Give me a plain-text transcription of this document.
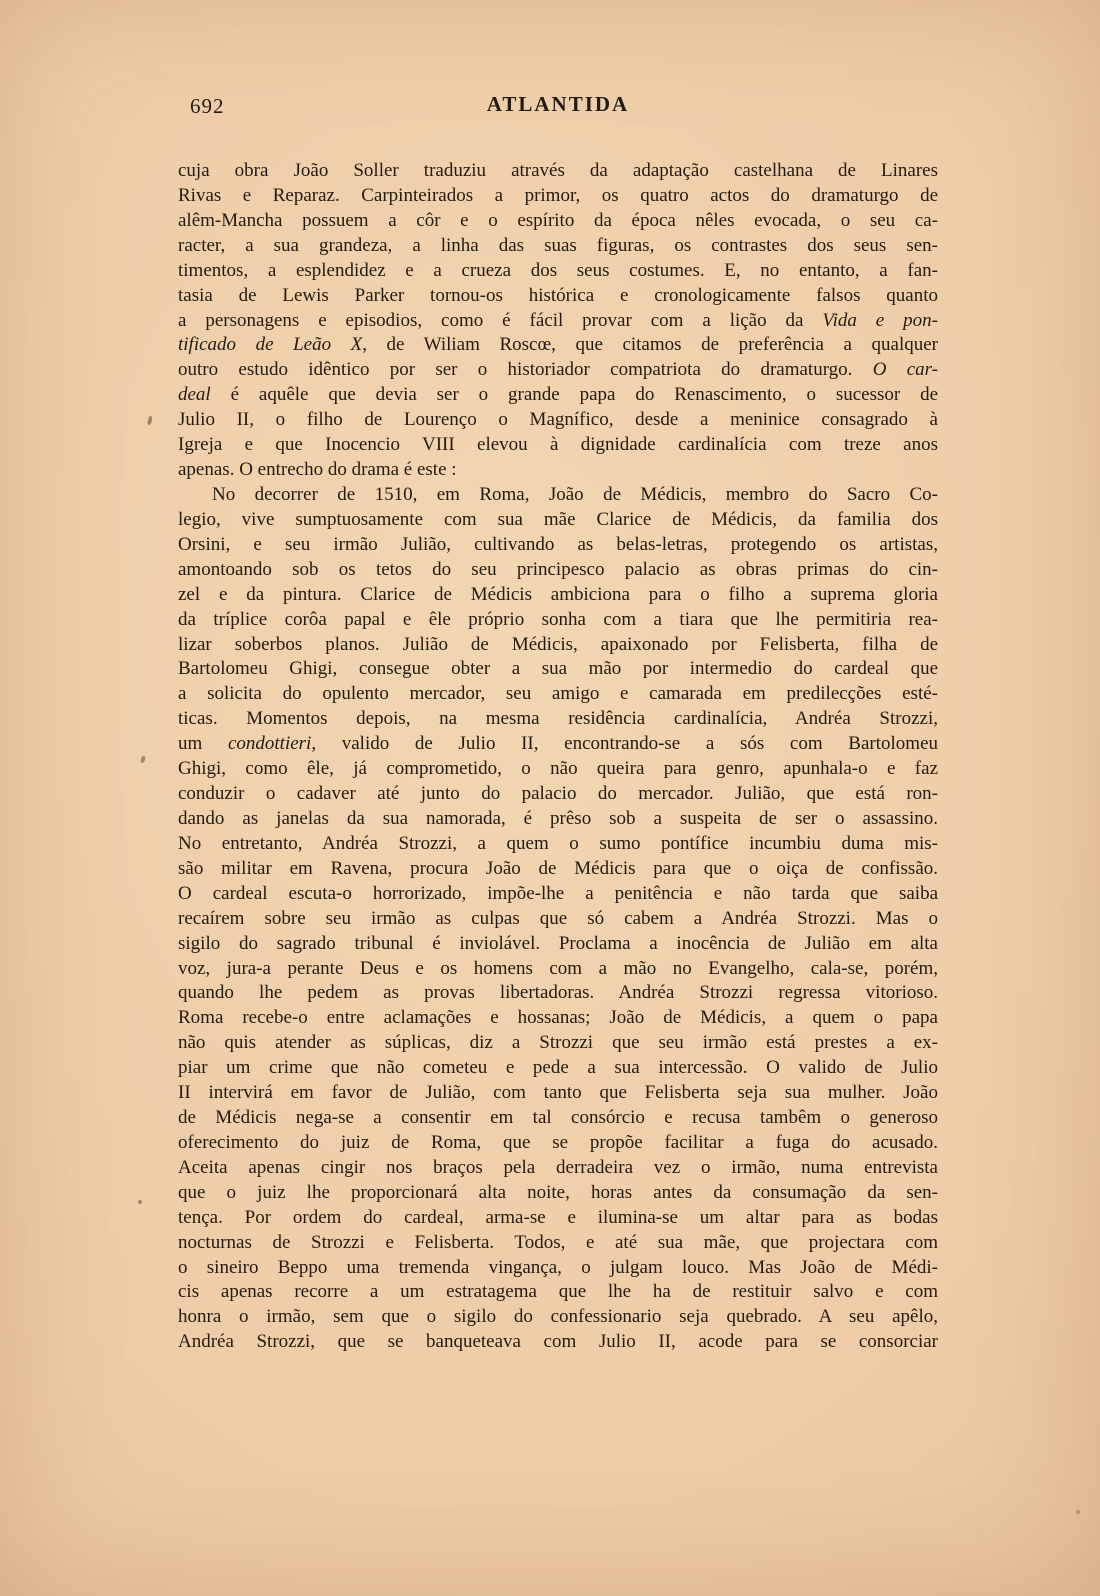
692	ATLANTIDA
cuja obra João Soller traduziu através da adaptação castelhana de Linares
Rivas e Reparaz. Carpinteirados a primor, os quatro actos do dramaturgo de
alêm-Mancha possuem a côr e o espírito da época nêles evocada, o seu ca-
racter, a sua grandeza, a linha das suas figuras, os contrastes dos seus sen-
timentos, a esplendidez e a crueza dos seus costumes. E, no entanto, a fan-
tasia de Lewis Parker tornou-os histórica e cronologicamente falsos quanto
a personagens e episodios, como é fácil provar com a lição da Vida e pon-
tificado de Leão X, de Wiliam Roscœ, que citamos de preferência a qualquer
outro estudo idêntico por ser o historiador compatriota do dramaturgo. O car-
deal é aquêle que devia ser o grande papa do Renascimento, o sucessor de
Julio II, o filho de Lourenço o Magnífico, desde a meninice consagrado à
Igreja e que Inocencio VIII elevou à dignidade cardinalícia com treze anos
apenas. O entrecho do drama é este :
No decorrer de 1510, em Roma, João de Médicis, membro do Sacro Co-
legio, vive sumptuosamente com sua mãe Clarice de Médicis, da familia dos
Orsini, e seu irmão Julião, cultivando as belas-letras, protegendo os artistas,
amontoando sob os tetos do seu principesco palacio as obras primas do cin-
zel e da pintura. Clarice de Médicis ambiciona para o filho a suprema gloria
da tríplice corôa papal e êle próprio sonha com a tiara que lhe permitiria rea-
lizar soberbos planos. Julião de Médicis, apaixonado por Felisberta, filha de
Bartolomeu Ghigi, consegue obter a sua mão por intermedio do cardeal que
a solicita do opulento mercador, seu amigo e camarada em predilecções esté-
ticas. Momentos depois, na mesma residência cardinalícia, Andréa Strozzi,
um condottieri, valido de Julio II, encontrando-se a sós com Bartolomeu
Ghigi, como êle, já comprometido, o não queira para genro, apunhala-o e faz
conduzir o cadaver até junto do palacio do mercador. Julião, que está ron-
dando as janelas da sua namorada, é prêso sob a suspeita de ser o assassino.
No entretanto, Andréa Strozzi, a quem o sumo pontífice incumbiu duma mis-
são militar em Ravena, procura João de Médicis para que o oiça de confissão.
O cardeal escuta-o horrorizado, impõe-lhe a penitência e não tarda que saiba
recaírem sobre seu irmão as culpas que só cabem a Andréa Strozzi. Mas o
sigilo do sagrado tribunal é inviolável. Proclama a inocência de Julião em alta
voz, jura-a perante Deus e os homens com a mão no Evangelho, cala-se, porém,
quando lhe pedem as provas libertadoras. Andréa Strozzi regressa vitorioso.
Roma recebe-o entre aclamações e hossanas; João de Médicis, a quem o papa
não quis atender as súplicas, diz a Strozzi que seu irmão está prestes a ex-
piar um crime que não cometeu e pede a sua intercessão. O valido de Julio
II intervirá em favor de Julião, com tanto que Felisberta seja sua mulher. João
de Médicis nega-se a consentir em tal consórcio e recusa tambêm o generoso
oferecimento do juiz de Roma, que se propõe facilitar a fuga do acusado.
Aceita apenas cingir nos braços pela derradeira vez o irmão, numa entrevista
que o juiz lhe proporcionará alta noite, horas antes da consumação da sen-
tença. Por ordem do cardeal, arma-se e ilumina-se um altar para as bodas
nocturnas de Strozzi e Felisberta. Todos, e até sua mãe, que projectara com
o sineiro Beppo uma tremenda vingança, o julgam louco. Mas João de Médi-
cis apenas recorre a um estratagema que lhe ha de restituir salvo e com
honra o irmão, sem que o sigilo do confessionario seja quebrado. A seu apêlo,
Andréa Strozzi, que se banqueteava com Julio II, acode para se consorciar
